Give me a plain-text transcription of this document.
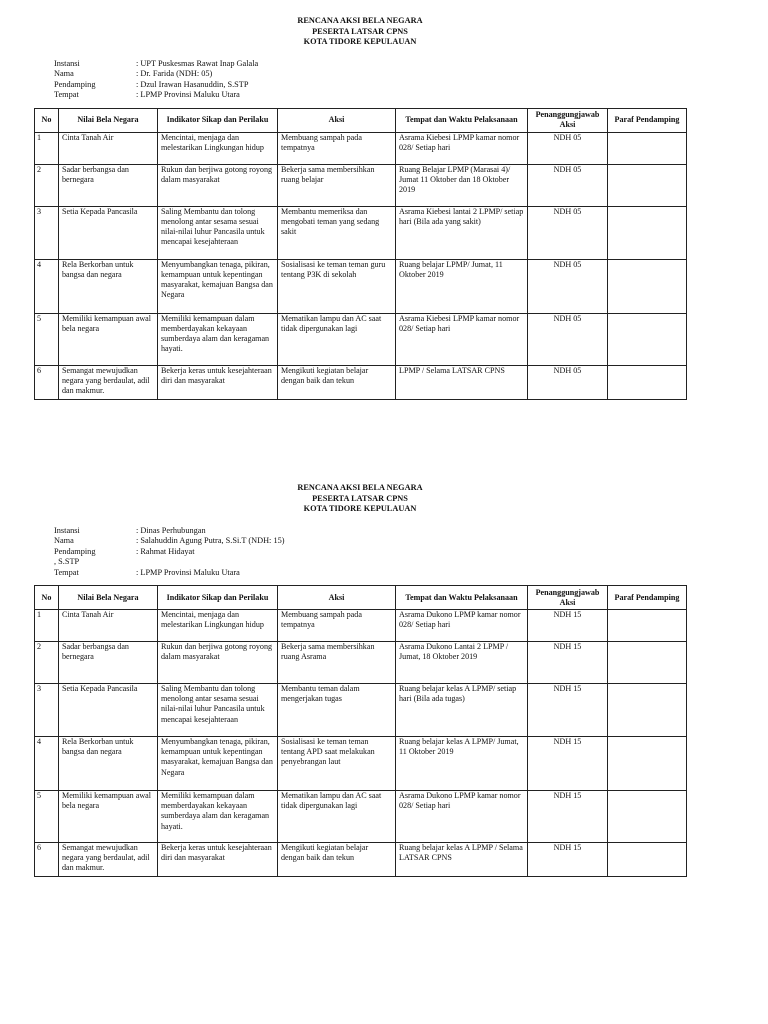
RENCANA AKSI BELA NEGARA
PESERTA LATSAR CPNS
KOTA TIDORE KEPULAUAN
Instansi	: UPT Puskesmas Rawat Inap Galala
Nama	: Dr. Farida (NDH: 05)
Pendamping	: Dzul Irawan Hasanuddin, S.STP
Tempat	: LPMP Provinsi Maluku Utara
No	Nilai Bela Negara	Indikator Sikap dan Perilaku	Aksi	Tempat dan Waktu Pelaksanaan	Penanggungjawab Aksi	Paraf Pendamping
1	Cinta Tanah Air	Mencintai, menjaga dan melestarikan Lingkungan hidup	Membuang sampah pada tempatnya	Asrama Kiebesi LPMP kamar nomor 028/ Setiap hari	NDH 05	
2	Sadar berbangsa dan bernegara	Rukun dan berjiwa gotong royong dalam masyarakat	Bekerja sama membersihkan ruang belajar	Ruang Belajar LPMP (Marasai 4)/ Jumat 11 Oktober dan 18 Oktober 2019	NDH 05	
3	Setia Kepada Pancasila	Saling Membantu dan tolong menolong antar sesama sesuai nilai-nilai luhur Pancasila untuk mencapai kesejahteraan	Membantu memeriksa dan mengobati teman yang sedang sakit	Asrama Kiebesi lantai 2 LPMP/ setiap hari (Bila ada yang sakit)	NDH 05	
4	Rela Berkorban untuk bangsa dan negara	Menyumbangkan tenaga, pikiran, kemampuan untuk kepentingan masyarakat, kemajuan Bangsa dan Negara	Sosialisasi ke teman teman guru tentang P3K di sekolah	Ruang belajar LPMP/ Jumat, 11 Oktober 2019	NDH 05	
5	Memiliki kemampuan awal bela negara	Memiliki kemampuan dalam memberdayakan kekayaan sumberdaya alam dan keragaman hayati.	Mematikan lampu dan AC saat tidak dipergunakan lagi	Asrama Kiebesi LPMP kamar nomor 028/ Setiap hari	NDH 05	
6	Semangat mewujudkan negara yang berdaulat, adil dan makmur.	Bekerja keras untuk kesejahteraan diri dan masyarakat	Mengikuti kegiatan belajar dengan baik dan tekun	LPMP / Selama LATSAR CPNS	NDH 05	
RENCANA AKSI BELA NEGARA
PESERTA LATSAR CPNS
KOTA TIDORE KEPULAUAN
Instansi	: Dinas Perhubungan
Nama	: Salahuddin Agung Putra, S.Si.T (NDH: 15)
Pendamping	: Rahmat Hidayat
, S.STP
Tempat	: LPMP Provinsi Maluku Utara
No	Nilai Bela Negara	Indikator Sikap dan Perilaku	Aksi	Tempat dan Waktu Pelaksanaan	Penanggungjawab Aksi	Paraf Pendamping
1	Cinta Tanah Air	Mencintai, menjaga dan melestarikan Lingkungan hidup	Membuang sampah pada tempatnya	Asrama Dukono LPMP kamar nomor 028/ Setiap hari	NDH 15	
2	Sadar berbangsa dan bernegara	Rukun dan berjiwa gotong royong dalam masyarakat	Bekerja sama membersihkan ruang Asrama	Asrama Dukono Lantai 2 LPMP / Jumat, 18 Oktober 2019	NDH 15	
3	Setia Kepada Pancasila	Saling Membantu dan tolong menolong antar sesama sesuai nilai-nilai luhur Pancasila untuk mencapai kesejahteraan	Membantu teman dalam mengerjakan tugas	Ruang belajar kelas A LPMP/ setiap hari (Bila ada tugas)	NDH 15	
4	Rela Berkorban untuk bangsa dan negara	Menyumbangkan tenaga, pikiran, kemampuan untuk kepentingan masyarakat, kemajuan Bangsa dan Negara	Sosialisasi ke teman teman tentang APD saat melakukan penyebrangan laut	Ruang belajar kelas A LPMP/ Jumat, 11 Oktober 2019	NDH 15	
5	Memiliki kemampuan awal bela negara	Memiliki kemampuan dalam memberdayakan kekayaan sumberdaya alam dan keragaman hayati.	Mematikan lampu dan AC saat tidak dipergunakan lagi	Asrama Dukono LPMP kamar nomor 028/ Setiap hari	NDH 15	
6	Semangat mewujudkan negara yang berdaulat, adil dan makmur.	Bekerja keras untuk kesejahteraan diri dan masyarakat	Mengikuti kegiatan belajar dengan baik dan tekun	Ruang belajar kelas A LPMP / Selama LATSAR CPNS	NDH 15	
